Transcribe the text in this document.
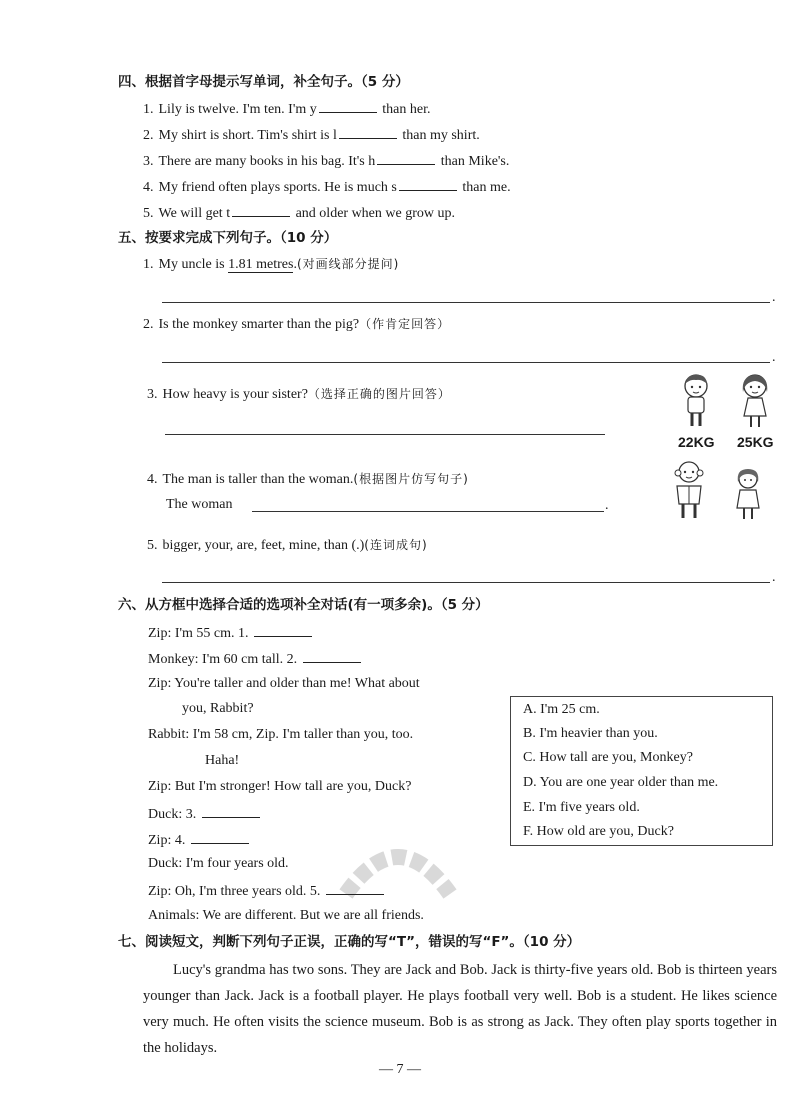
四、根据首字母提示写单词，补全句子。（5 分）
1. Lily is twelve. I'm ten. I'm y	than her.
2. My shirt is short. Tim's shirt is l	than my shirt.
3. There are many books in his bag. It's h	than Mike's.
4. My friend often plays sports. He is much s	than me.
5. We will get t	and older when we grow up.
五、按要求完成下列句子。（10 分）
1. My uncle is 1.81 metres.(对画线部分提问)
.
2. Is the monkey smarter than the pig?（作肯定回答）
.
3. How heavy is your sister?（选择正确的图片回答）
22KG 25KG
4. The man is taller than the woman.(根据图片仿写句子)
The woman	.
5. bigger, your, are, feet, mine, than (.)(连词成句)
.
六、从方框中选择合适的选项补全对话(有一项多余)。（5 分）
Zip: I'm 55 cm. 1.
Monkey: I'm 60 cm tall. 2.
Zip: You're taller and older than me! What about
you, Rabbit?
Rabbit: I'm 58 cm, Zip. I'm taller than you, too.
Haha!
Zip: But I'm stronger! How tall are you, Duck?
Duck: 3.
Zip: 4.
Duck: I'm four years old.
Zip: Oh, I'm three years old. 5.
Animals: We are different. But we are all friends.
A. I'm 25 cm.
B. I'm heavier than you.
C. How tall are you, Monkey?
D. You are one year older than me.
E. I'm five years old.
F. How old are you, Duck?
七、阅读短文，判断下列句子正误，正确的写“T”，错误的写“F”。（10 分）
Lucy's grandma has two sons. They are Jack and Bob. Jack is thirty-five years old. Bob is thirteen years younger than Jack. Jack is a football player. He plays football very well. Bob is a student. He likes science very much. He often visits the science museum. Bob is as strong as Jack. They often play sports together in the holidays.
— 7 —
